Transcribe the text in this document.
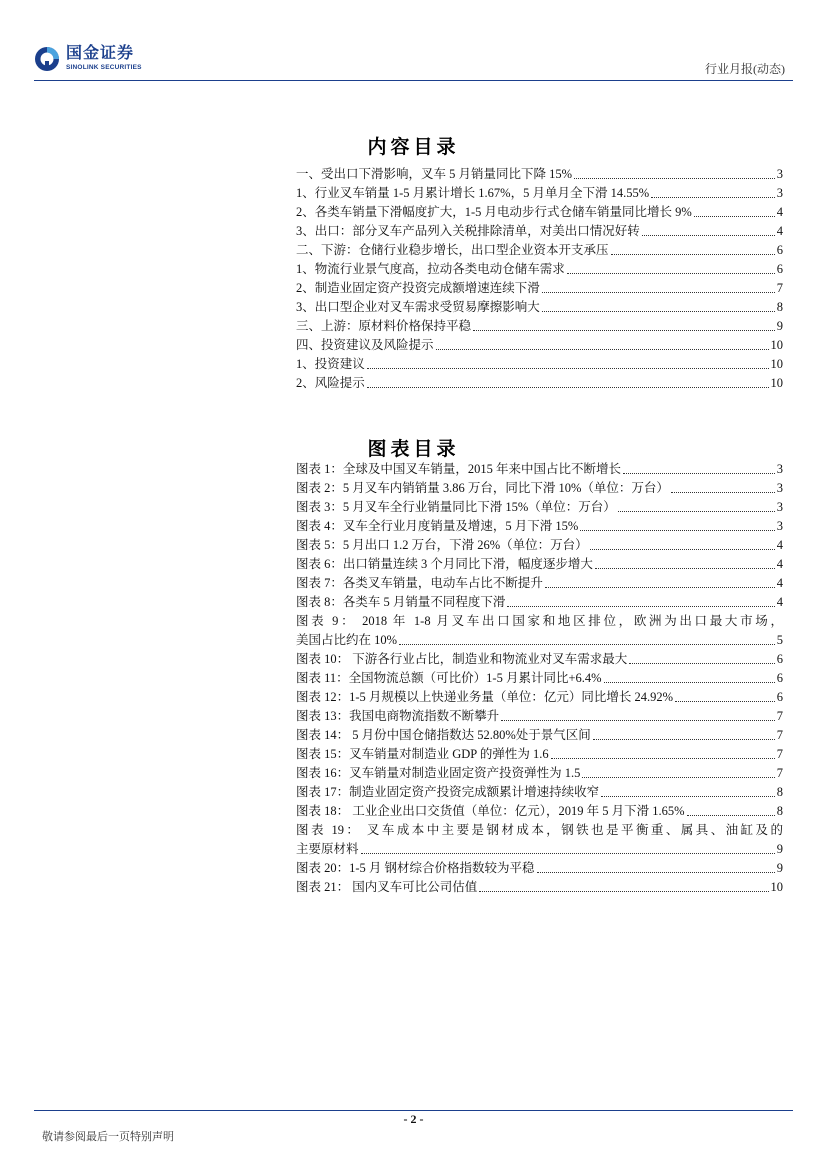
国金证券
SINOLINK SECURITIES	行业月报(动态)
内容目录
一、受出口下滑影响，叉车 5 月销量同比下降 15%	3
1、行业叉车销量 1-5 月累计增长 1.67%，5 月单月全下滑 14.55%	3
2、各类车销量下滑幅度扩大，1-5 月电动步行式仓储车销量同比增长 9%	4
3、出口：部分叉车产品列入关税排除清单，对美出口情况好转	4
二、下游：仓储行业稳步增长，出口型企业资本开支承压	6
1、物流行业景气度高，拉动各类电动仓储车需求	6
2、制造业固定资产投资完成额增速连续下滑	7
3、出口型企业对叉车需求受贸易摩擦影响大	8
三、上游：原材料价格保持平稳	9
四、投资建议及风险提示	10
1、投资建议	10
2、风险提示	10
图表目录
图表 1：全球及中国叉车销量，2015 年来中国占比不断增长	3
图表 2：5 月叉车内销销量 3.86 万台，同比下滑 10%（单位：万台）	3
图表 3：5 月叉车全行业销量同比下滑 15%（单位：万台）	3
图表 4：叉车全行业月度销量及增速，5 月下滑 15%	3
图表 5：5 月出口 1.2 万台，下滑 26%（单位：万台）	4
图表 6：出口销量连续 3 个月同比下滑，幅度逐步增大	4
图表 7：各类叉车销量，电动车占比不断提升	4
图表 8：各类车 5 月销量不同程度下滑	4
图表 9： 2018 年 1-8 月叉车出口国家和地区排位，欧洲为出口最大市场，
美国占比约在 10%	5
图表 10： 下游各行业占比，制造业和物流业对叉车需求最大	6
图表 11：全国物流总额（可比价）1-5 月累计同比+6.4%	6
图表 12：1-5 月规模以上快递业务量（单位：亿元）同比增长 24.92%	6
图表 13：我国电商物流指数不断攀升	7
图表 14： 5 月份中国仓储指数达 52.80%处于景气区间	7
图表 15：叉车销量对制造业 GDP 的弹性为 1.6	7
图表 16：叉车销量对制造业固定资产投资弹性为 1.5	7
图表 17：制造业固定资产投资完成额累计增速持续收窄	8
图表 18： 工业企业出口交货值（单位：亿元），2019 年 5 月下滑 1.65%	8
图表 19： 叉车成本中主要是钢材成本，钢铁也是平衡重、属具、油缸及的
主要原材料	9
图表 20：1-5 月 钢材综合价格指数较为平稳	9
图表 21： 国内叉车可比公司估值	10
- 2 -
敬请参阅最后一页特别声明
